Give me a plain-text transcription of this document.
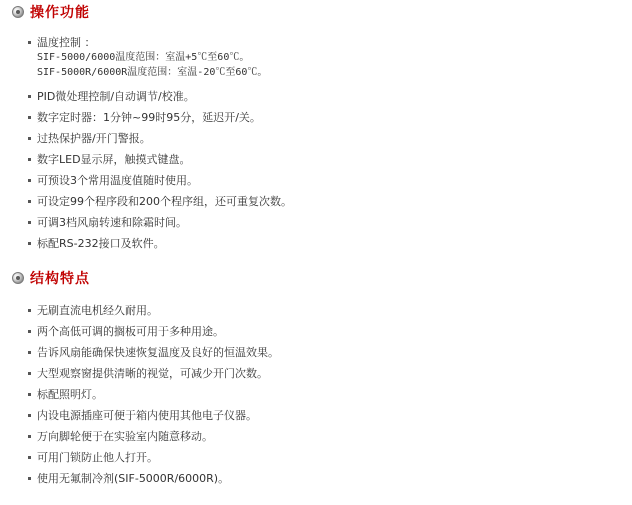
操作功能
温度控制 ：
SIF-5000/6000温度范围：室温+5℃至60℃。
SIF-5000R/6000R温度范围：室温-20℃至60℃。
PID微处理控制/自动调节/校准。
数字定时器：1分钟~99时95分，延迟开/关。
过热保护器/开门警报。
数字LED显示屏，触摸式键盘。
可预设3个常用温度值随时使用。
可设定99个程序段和200个程序组，还可重复次数。
可调3档风扇转速和除霜时间。
标配RS-232接口及软件。
结构特点
无刷直流电机经久耐用。
两个高低可调的搁板可用于多种用途。
告诉风扇能确保快速恢复温度及良好的恒温效果。
大型观察窗提供清晰的视觉，可减少开门次数。
标配照明灯。
内设电源插座可便于箱内使用其他电子仪器。
万向脚轮便于在实验室内随意移动。
可用门锁防止他人打开。
使用无氟制冷剂(SIF-5000R/6000R)。
